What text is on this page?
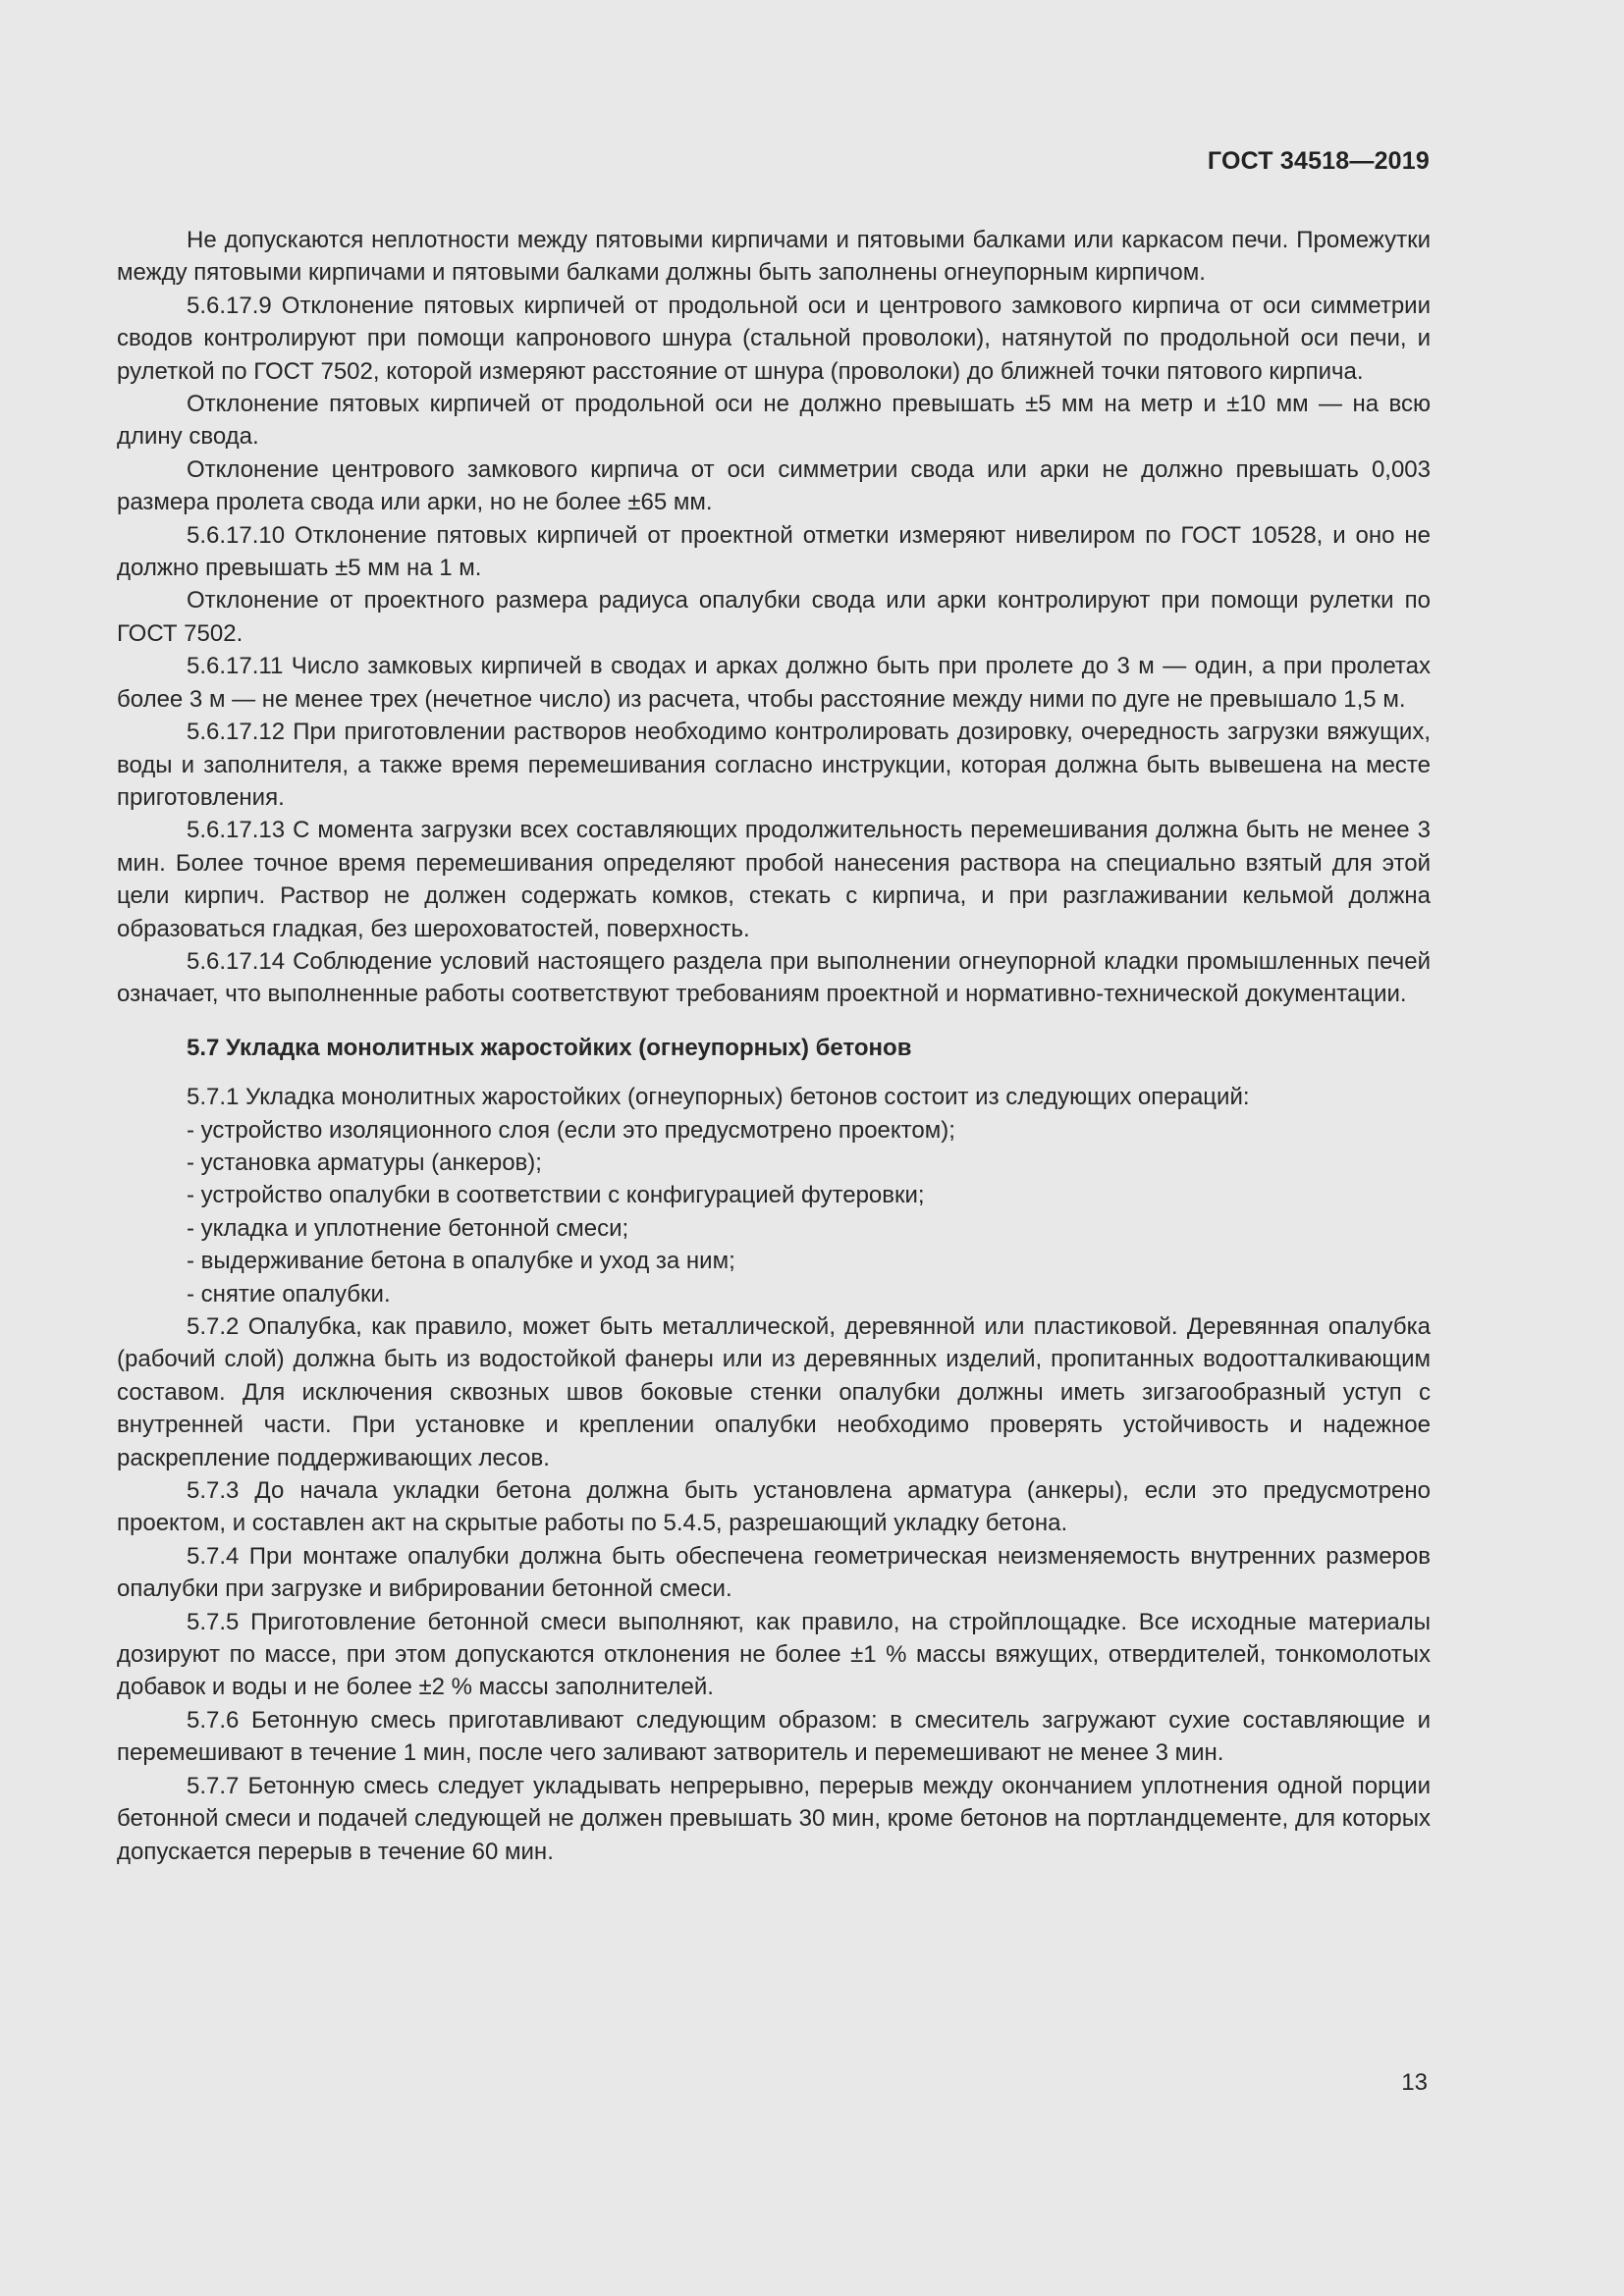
ГОСТ 34518—2019

Не допускаются неплотности между пятовыми кирпичами и пятовыми балками или каркасом печи. Промежутки между пятовыми кирпичами и пятовыми балками должны быть заполнены огнеупорным кирпичом.

5.6.17.9 Отклонение пятовых кирпичей от продольной оси и центрового замкового кирпича от оси симметрии сводов контролируют при помощи капронового шнура (стальной проволоки), натянутой по продольной оси печи, и рулеткой по ГОСТ 7502, которой измеряют расстояние от шнура (проволоки) до ближней точки пятового кирпича.

Отклонение пятовых кирпичей от продольной оси не должно превышать ±5 мм на метр и ±10 мм — на всю длину свода.

Отклонение центрового замкового кирпича от оси симметрии свода или арки не должно превышать 0,003 размера пролета свода или арки, но не более ±65 мм.

5.6.17.10 Отклонение пятовых кирпичей от проектной отметки измеряют нивелиром по ГОСТ 10528, и оно не должно превышать ±5 мм на 1 м.

Отклонение от проектного размера радиуса опалубки свода или арки контролируют при помощи рулетки по ГОСТ 7502.

5.6.17.11 Число замковых кирпичей в сводах и арках должно быть при пролете до 3 м — один, а при пролетах более 3 м — не менее трех (нечетное число) из расчета, чтобы расстояние между ними по дуге не превышало 1,5 м.

5.6.17.12 При приготовлении растворов необходимо контролировать дозировку, очередность загрузки вяжущих, воды и заполнителя, а также время перемешивания согласно инструкции, которая должна быть вывешена на месте приготовления.

5.6.17.13 С момента загрузки всех составляющих продолжительность перемешивания должна быть не менее 3 мин. Более точное время перемешивания определяют пробой нанесения раствора на специально взятый для этой цели кирпич. Раствор не должен содержать комков, стекать с кирпича, и при разглаживании кельмой должна образоваться гладкая, без шероховатостей, поверхность.

5.6.17.14 Соблюдение условий настоящего раздела при выполнении огнеупорной кладки промышленных печей означает, что выполненные работы соответствуют требованиям проектной и нормативно-технической документации.

5.7 Укладка монолитных жаростойких (огнеупорных) бетонов

5.7.1 Укладка монолитных жаростойких (огнеупорных) бетонов состоит из следующих операций:

- устройство изоляционного слоя (если это предусмотрено проектом);
- установка арматуры (анкеров);
- устройство опалубки в соответствии с конфигурацией футеровки;
- укладка и уплотнение бетонной смеси;
- выдерживание бетона в опалубке и уход за ним;
- снятие опалубки.

5.7.2 Опалубка, как правило, может быть металлической, деревянной или пластиковой. Деревянная опалубка (рабочий слой) должна быть из водостойкой фанеры или из деревянных изделий, пропитанных водоотталкивающим составом. Для исключения сквозных швов боковые стенки опалубки должны иметь зигзагообразный уступ с внутренней части. При установке и креплении опалубки необходимо проверять устойчивость и надежное раскрепление поддерживающих лесов.

5.7.3 До начала укладки бетона должна быть установлена арматура (анкеры), если это предусмотрено проектом, и составлен акт на скрытые работы по 5.4.5, разрешающий укладку бетона.

5.7.4 При монтаже опалубки должна быть обеспечена геометрическая неизменяемость внутренних размеров опалубки при загрузке и вибрировании бетонной смеси.

5.7.5 Приготовление бетонной смеси выполняют, как правило, на стройплощадке. Все исходные материалы дозируют по массе, при этом допускаются отклонения не более ±1 % массы вяжущих, отвердителей, тонкомолотых добавок и воды и не более ±2 % массы заполнителей.

5.7.6 Бетонную смесь приготавливают следующим образом: в смеситель загружают сухие составляющие и перемешивают в течение 1 мин, после чего заливают затворитель и перемешивают не менее 3 мин.

5.7.7 Бетонную смесь следует укладывать непрерывно, перерыв между окончанием уплотнения одной порции бетонной смеси и подачей следующей не должен превышать 30 мин, кроме бетонов на портландцементе, для которых допускается перерыв в течение 60 мин.

13
